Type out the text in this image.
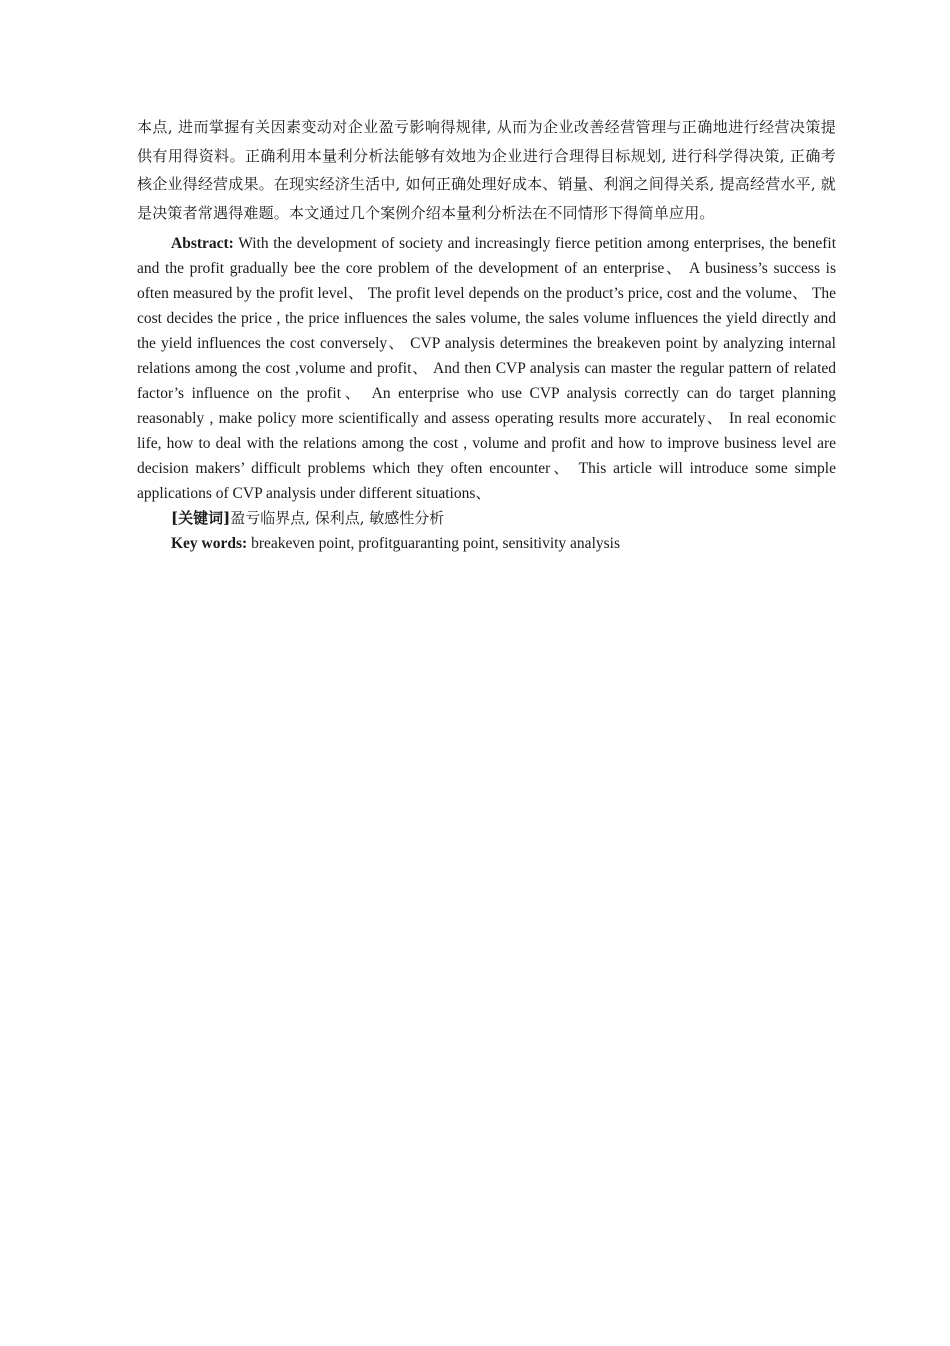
本点, 进而掌握有关因素变动对企业盈亏影响得规律, 从而为企业改善经营管理与正确地进行经营决策提供有用得资料。正确利用本量利分析法能够有效地为企业进行合理得目标规划, 进行科学得决策, 正确考核企业得经营成果。在现实经济生活中, 如何正确处理好成本、销量、利润之间得关系, 提高经营水平, 就是决策者常遇得难题。本文通过几个案例介绍本量利分析法在不同情形下得简单应用。

Abstract: With the development of society and increasingly fierce petition among enterprises, the benefit and the profit gradually bee the core problem of the development of an enterprise、 A business’s success is often measured by the profit level、 The profit level depends on the product’s price, cost and the volume、 The cost decides the price , the price influences the sales volume, the sales volume influences the yield directly and the yield influences the cost conversely、 CVP analysis determines the breakeven point by analyzing internal relations among the cost ,volume and profit、 And then CVP analysis can master the regular pattern of related factor’s influence on the profit、 An enterprise who use CVP analysis correctly can do target planning reasonably , make policy more scientifically and assess operating results more accurately、 In real economic life, how to deal with the relations among the cost , volume and profit and how to improve business level are decision makers’ difficult problems which they often encounter、 This article will introduce some simple applications of CVP analysis under different situations、

[关键词]盈亏临界点, 保利点, 敏感性分析

Key words: breakeven point, profitguaranting point, sensitivity analysis
